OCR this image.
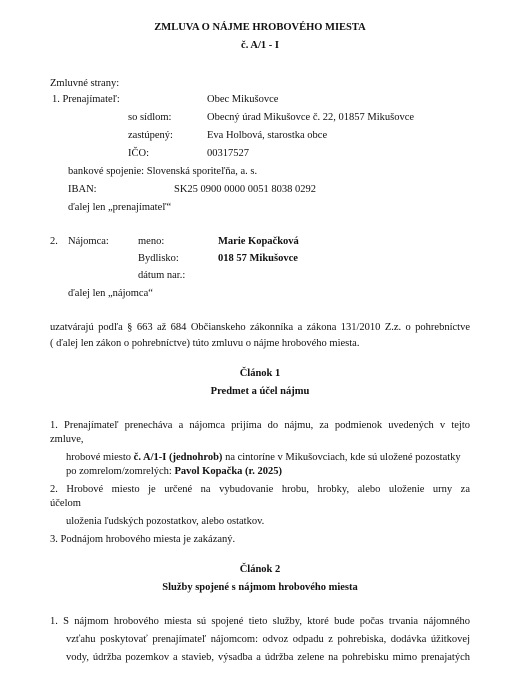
ZMLUVA O NÁJME HROBOVÉHO MIESTA
č. A/1 - I
Zmluvné strany:
1. Prenajímateľ:	Obec Mikušovce
so sídlom:	Obecný úrad Mikušovce č. 22, 01857 Mikušovce
zastúpený:	Eva Holbová, starostka obce
IČO:	00317527
bankové spojenie: Slovenská sporiteľňa, a. s.
IBAN:	SK25 0900 0000 0051 8038 0292
ďalej len „prenajímateľ“
2. Nájomca:	meno:	Marie Kopačková
Bydlisko:	018 57 Mikušovce
dátum nar.:
ďalej len „nájomca“
uzatvárajú podľa § 663 až 684 Občianskeho zákonníka a zákona 131/2010 Z.z. o pohrebníctve
( ďalej len zákon o pohrebníctve) túto zmluvu o nájme hrobového miesta.
Článok 1
Predmet a účel nájmu
1. Prenajímateľ prenecháva a nájomca prijíma do nájmu, za podmienok uvedených v tejto
zmluve,
hrobové miesto č. A/1-I (jednohrob) na cintoríne v Mikušovciach, kde sú uložené pozostatky
po zomrelom/zomrelých: Pavol Kopačka (r. 2025)
2. Hrobové miesto je určené na vybudovanie hrobu, hrobky, alebo uloženie urny za
účelom
uloženia ľudských pozostatkov, alebo ostatkov.
3. Podnájom hrobového miesta je zakázaný.
Článok 2
Služby spojené s nájmom hrobového miesta
1. S nájmom hrobového miesta sú spojené tieto služby, ktoré bude počas trvania nájomného
vzťahu poskytovať prenajímateľ nájomcom: odvoz odpadu z pohrebiska, dodávka úžitkovej
vody, údržba pozemkov a stavieb, výsadba a údržba zelene na pohrebisku mimo prenajatých
